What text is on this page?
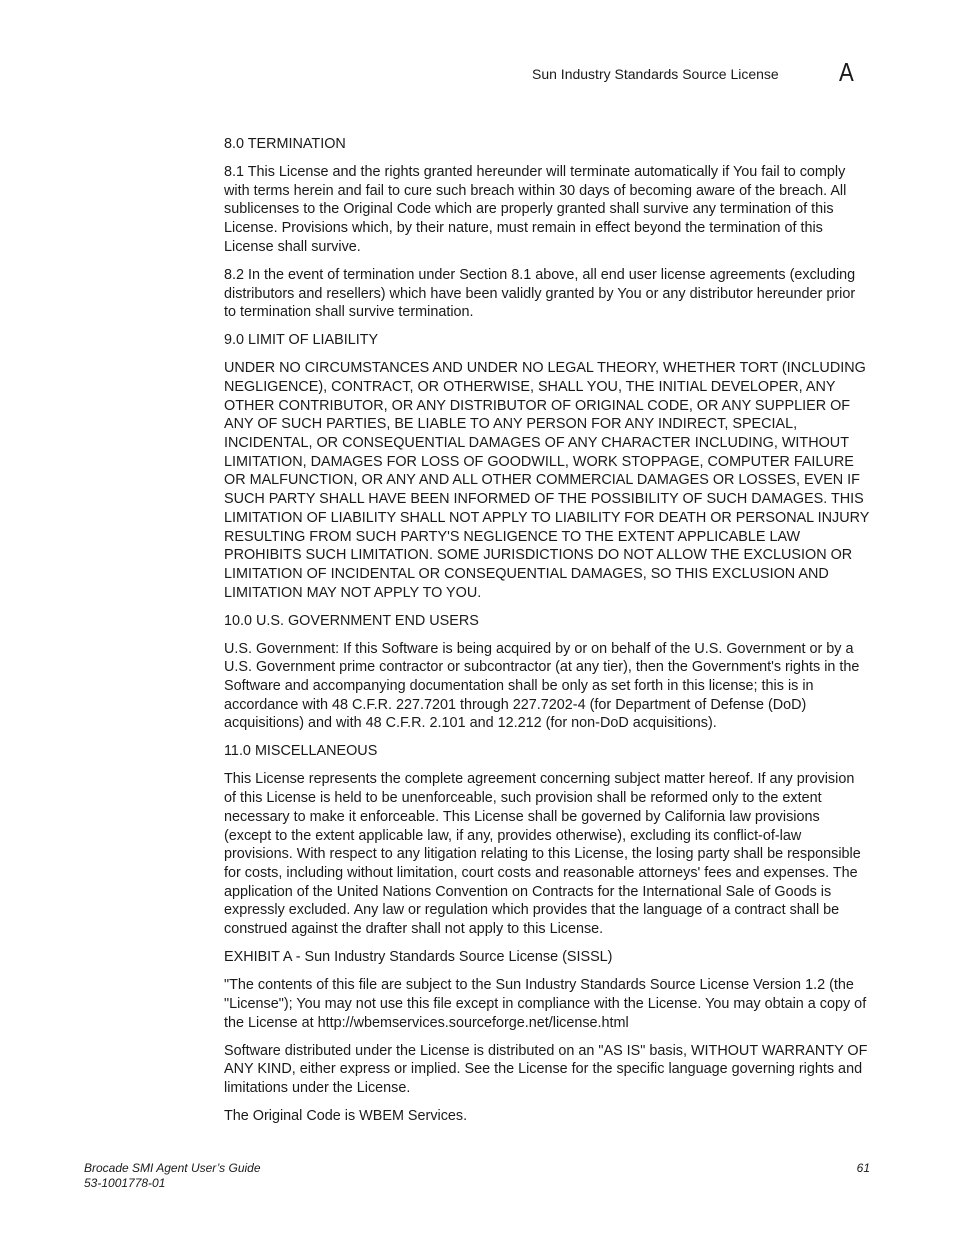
Sun Industry Standards Source License A

8.0 TERMINATION

8.1 This License and the rights granted hereunder will terminate automatically if You fail to comply with terms herein and fail to cure such breach within 30 days of becoming aware of the breach. All sublicenses to the Original Code which are properly granted shall survive any termination of this License. Provisions which, by their nature, must remain in effect beyond the termination of this License shall survive.

8.2 In the event of termination under Section 8.1 above, all end user license agreements (excluding distributors and resellers) which have been validly granted by You or any distributor hereunder prior to termination shall survive termination.

9.0 LIMIT OF LIABILITY

UNDER NO CIRCUMSTANCES AND UNDER NO LEGAL THEORY, WHETHER TORT (INCLUDING NEGLIGENCE), CONTRACT, OR OTHERWISE, SHALL YOU, THE INITIAL DEVELOPER, ANY OTHER CONTRIBUTOR, OR ANY DISTRIBUTOR OF ORIGINAL CODE, OR ANY SUPPLIER OF ANY OF SUCH PARTIES, BE LIABLE TO ANY PERSON FOR ANY INDIRECT, SPECIAL, INCIDENTAL, OR CONSEQUENTIAL DAMAGES OF ANY CHARACTER INCLUDING, WITHOUT LIMITATION, DAMAGES FOR LOSS OF GOODWILL, WORK STOPPAGE, COMPUTER FAILURE OR MALFUNCTION, OR ANY AND ALL OTHER COMMERCIAL DAMAGES OR LOSSES, EVEN IF SUCH PARTY SHALL HAVE BEEN INFORMED OF THE POSSIBILITY OF SUCH DAMAGES. THIS LIMITATION OF LIABILITY SHALL NOT APPLY TO LIABILITY FOR DEATH OR PERSONAL INJURY RESULTING FROM SUCH PARTY'S NEGLIGENCE TO THE EXTENT APPLICABLE LAW PROHIBITS SUCH LIMITATION. SOME JURISDICTIONS DO NOT ALLOW THE EXCLUSION OR LIMITATION OF INCIDENTAL OR CONSEQUENTIAL DAMAGES, SO THIS EXCLUSION AND LIMITATION MAY NOT APPLY TO YOU.

10.0 U.S. GOVERNMENT END USERS

U.S. Government: If this Software is being acquired by or on behalf of the U.S. Government or by a U.S. Government prime contractor or subcontractor (at any tier), then the Government's rights in the Software and accompanying documentation shall be only as set forth in this license; this is in accordance with 48 C.F.R. 227.7201 through 227.7202-4 (for Department of Defense (DoD) acquisitions) and with 48 C.F.R. 2.101 and 12.212 (for non-DoD acquisitions).

11.0 MISCELLANEOUS

This License represents the complete agreement concerning subject matter hereof. If any provision of this License is held to be unenforceable, such provision shall be reformed only to the extent necessary to make it enforceable. This License shall be governed by California law provisions (except to the extent applicable law, if any, provides otherwise), excluding its conflict-of-law provisions. With respect to any litigation relating to this License, the losing party shall be responsible for costs, including without limitation, court costs and reasonable attorneys' fees and expenses. The application of the United Nations Convention on Contracts for the International Sale of Goods is expressly excluded. Any law or regulation which provides that the language of a contract shall be construed against the drafter shall not apply to this License.

EXHIBIT A - Sun Industry Standards Source License (SISSL)

"The contents of this file are subject to the Sun Industry Standards Source License Version 1.2 (the "License"); You may not use this file except in compliance with the License. You may obtain a copy of the License at http://wbemservices.sourceforge.net/license.html

Software distributed under the License is distributed on an "AS IS" basis, WITHOUT WARRANTY OF ANY KIND, either express or implied. See the License for the specific language governing rights and limitations under the License.

The Original Code is WBEM Services.

Brocade SMI Agent User’s Guide
53-1001778-01
61
